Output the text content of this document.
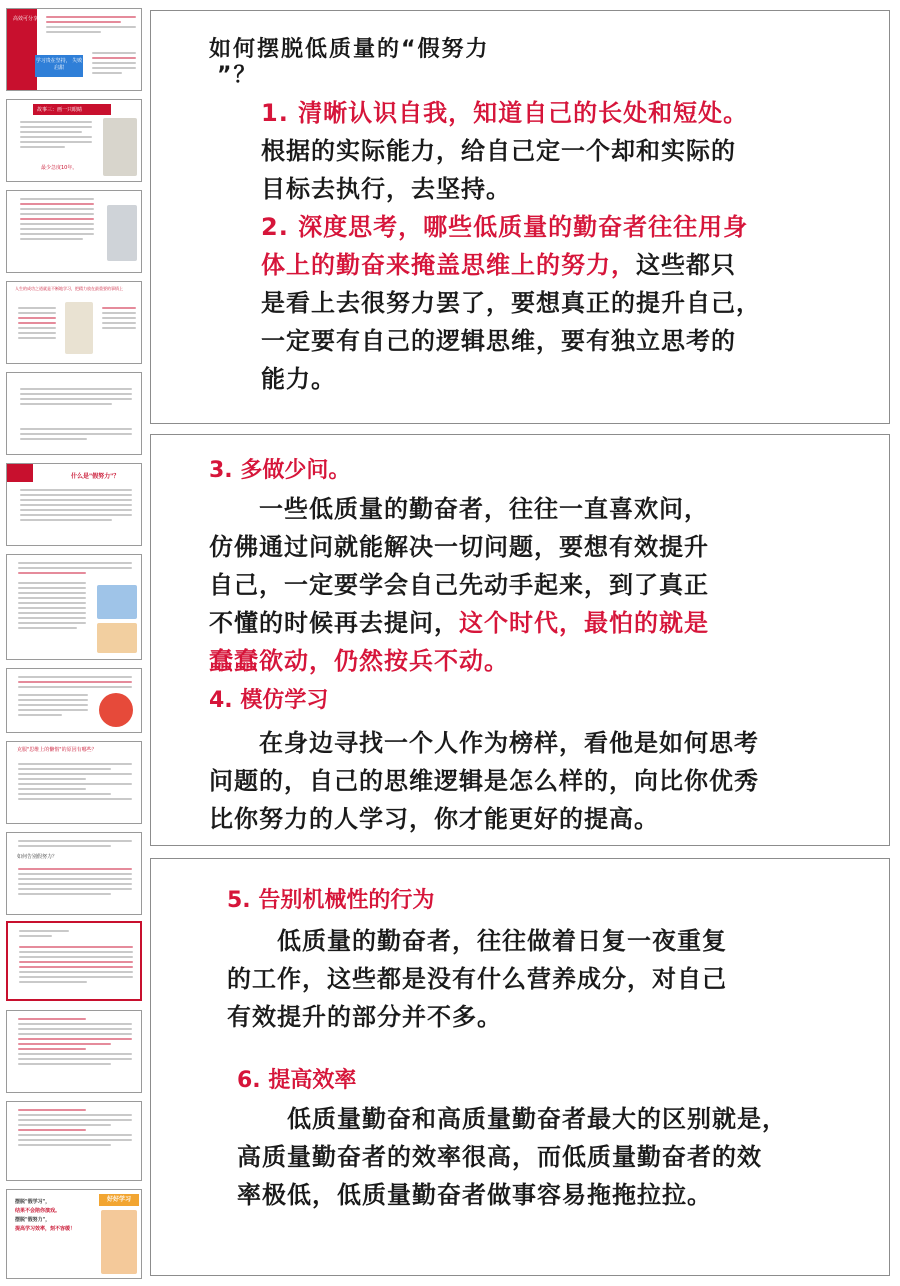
高效可分享
学习贵在坚持， 失败启甜
故事三：画一只眼睛
最少急度10年。
人生的成功之道就是不断地学习，把精力放在最重要的事情上
什么是"假努力"？
克服"思维上的懒惰"的原因有哪些？
如何告别假努力？
摆脱"假学习"，
结果不会陪你演戏。
摆脱"假努力"，
提高学习效率，刻不容缓！
好好学习
如何摆脱低质量的“假努力
”？
1. 清晰认识自我，知道自己的长处和短处。
根据的实际能力，给自己定一个却和实际的
目标去执行，去坚持。
2. 深度思考，哪些低质量的勤奋者往往用身
体上的勤奋来掩盖思维上的努力，这些都只
是看上去很努力罢了，要想真正的提升自己，
一定要有自己的逻辑思维，要有独立思考的
能力。
3. 多做少问。
一些低质量的勤奋者，往往一直喜欢问，
仿佛通过问就能解决一切问题，要想有效提升
自己，一定要学会自己先动手起来，到了真正
不懂的时候再去提问，这个时代，最怕的就是
蠢蠢欲动，仍然按兵不动。
4. 模仿学习
在身边寻找一个人作为榜样，看他是如何思考
问题的，自己的思维逻辑是怎么样的，向比你优秀
比你努力的人学习，你才能更好的提高。
5. 告别机械性的行为
低质量的勤奋者，往往做着日复一夜重复
的工作，这些都是没有什么营养成分，对自己
有效提升的部分并不多。
6. 提高效率
低质量勤奋和高质量勤奋者最大的区别就是，
高质量勤奋者的效率很高，而低质量勤奋者的效
率极低，低质量勤奋者做事容易拖拖拉拉。
